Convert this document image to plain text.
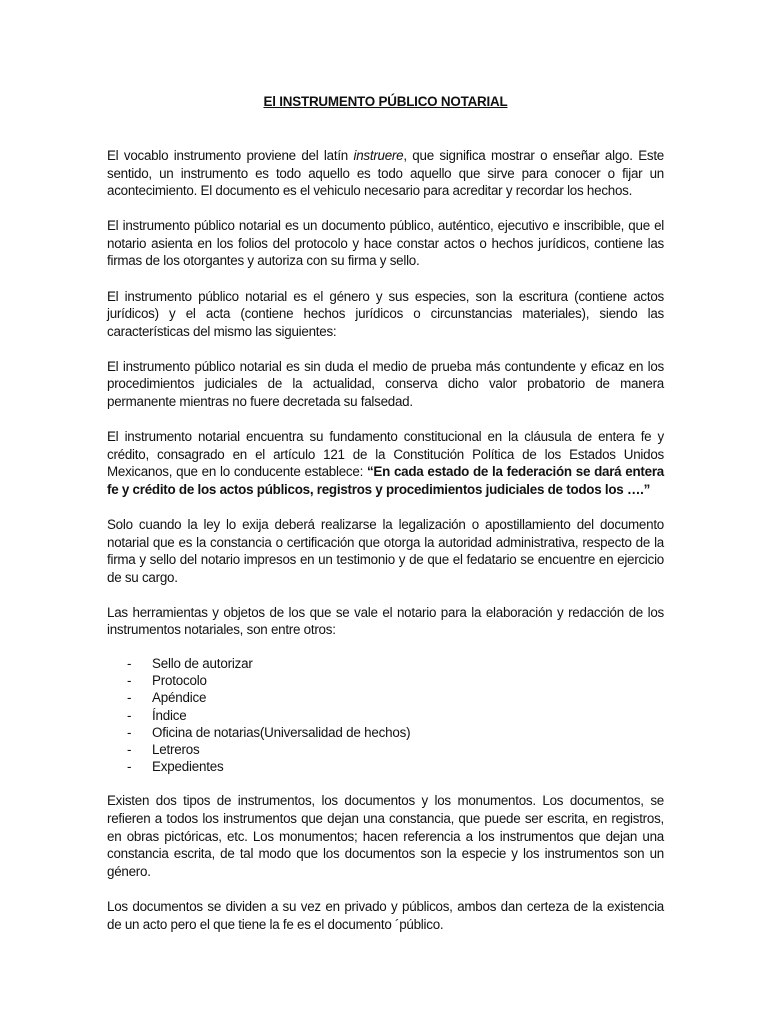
El INSTRUMENTO PÚBLICO NOTARIAL

El vocablo instrumento proviene del latín instruere, que significa mostrar o enseñar algo. Este sentido, un instrumento es todo aquello es todo aquello que sirve para conocer o fijar un acontecimiento. El documento es el vehiculo necesario para acreditar y recordar los hechos.

El instrumento público notarial es un documento público, auténtico, ejecutivo e inscribible, que el notario asienta en los folios del protocolo y hace constar actos o hechos jurídicos, contiene las firmas de los otorgantes y autoriza con su firma y sello.

El instrumento público notarial es el género y sus especies, son la escritura (contiene actos jurídicos) y el acta (contiene hechos jurídicos o circunstancias materiales), siendo las características del mismo las siguientes:

El instrumento público notarial es sin duda el medio de prueba más contundente y eficaz en los procedimientos judiciales de la actualidad, conserva dicho valor probatorio de manera permanente mientras no fuere decretada su falsedad.

El instrumento notarial encuentra su fundamento constitucional en la cláusula de entera fe y crédito, consagrado en el artículo 121 de la Constitución Política de los Estados Unidos Mexicanos, que en lo conducente establece: “En cada estado de la federación se dará entera fe y crédito de los actos públicos, registros y procedimientos judiciales de todos los ….”

Solo cuando la ley lo exija deberá realizarse la legalización o apostillamiento del documento notarial que es la constancia o certificación que otorga la autoridad administrativa, respecto de la firma y sello del notario impresos en un testimonio y de que el fedatario se encuentre en ejercicio de su cargo.

Las herramientas y objetos de los que se vale el notario para la elaboración y redacción de los instrumentos notariales, son entre otros:

-	Sello de autorizar
-	Protocolo
-	Apéndice
-	Índice
-	Oficina de notarias(Universalidad de hechos)
-	Letreros
-	Expedientes

Existen dos tipos de instrumentos, los documentos y los monumentos. Los documentos, se refieren a todos los instrumentos que dejan una constancia, que puede ser escrita, en registros, en obras pictóricas, etc. Los monumentos; hacen referencia a los instrumentos que dejan una constancia escrita, de tal modo que los documentos son la especie y los instrumentos son un género.

Los documentos se dividen a su vez en privado y públicos, ambos dan certeza de la existencia de un acto pero el que tiene la fe es el documento ´público.
